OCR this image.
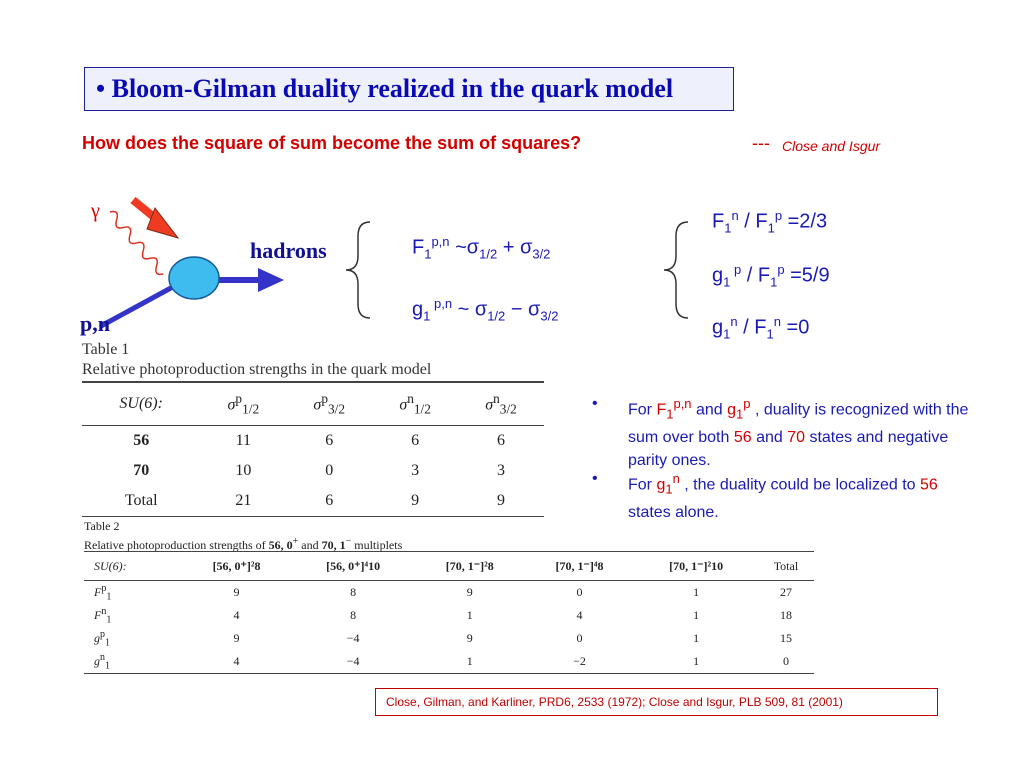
• Bloom-Gilman duality realized in the quark model
How does the square of sum become the sum of squares?	--- Close and Isgur
γ
hadrons
p,n
$F_1^{p,n}$ $\sim\sigma_{1/2} + \sigma_{3/2}$
$g_1$ $^{p,n}$ ~ $\sigma_{1/2} - \sigma_{3/2}$
$F_1^n / F_1^p =2/3$
$g_1$ $^p / F_1^p =5/9$
$g_1^n / F_1^n =0$
Table 1
Relative photoproduction strengths in the quark model
SU(6):	$\sigma^p_{1/2}$	$\sigma^p_{3/2}$	$\sigma^n_{1/2}$	$\sigma^n_{3/2}$
56	11	6	6	6
70	10	0	3	3
Total	21	6	9	9
• For $F_1^{p,n}$ and $g_1^p$ , duality is recognized with the sum over both 56 and 70 states and negative parity ones.
• For $g_1^n$ , the duality could be localized to 56 states alone.
Table 2
Relative photoproduction strengths of 56, 0+ and 70, 1− multiplets
SU(6):	[56, 0⁺]²8	[56, 0⁺]⁴10	[70, 1⁻]²8	[70, 1⁻]⁴8	[70, 1⁻]²10	Total
$F^p_1$	9	8	9	0	1	27
$F^n_1$	4	8	1	4	1	18
$g^p_1$	9	−4	9	0	1	15
$g^n_1$	4	−4	1	−2	1	0
Close, Gilman, and Karliner, PRD6, 2533 (1972); Close and Isgur, PLB 509, 81 (2001)
